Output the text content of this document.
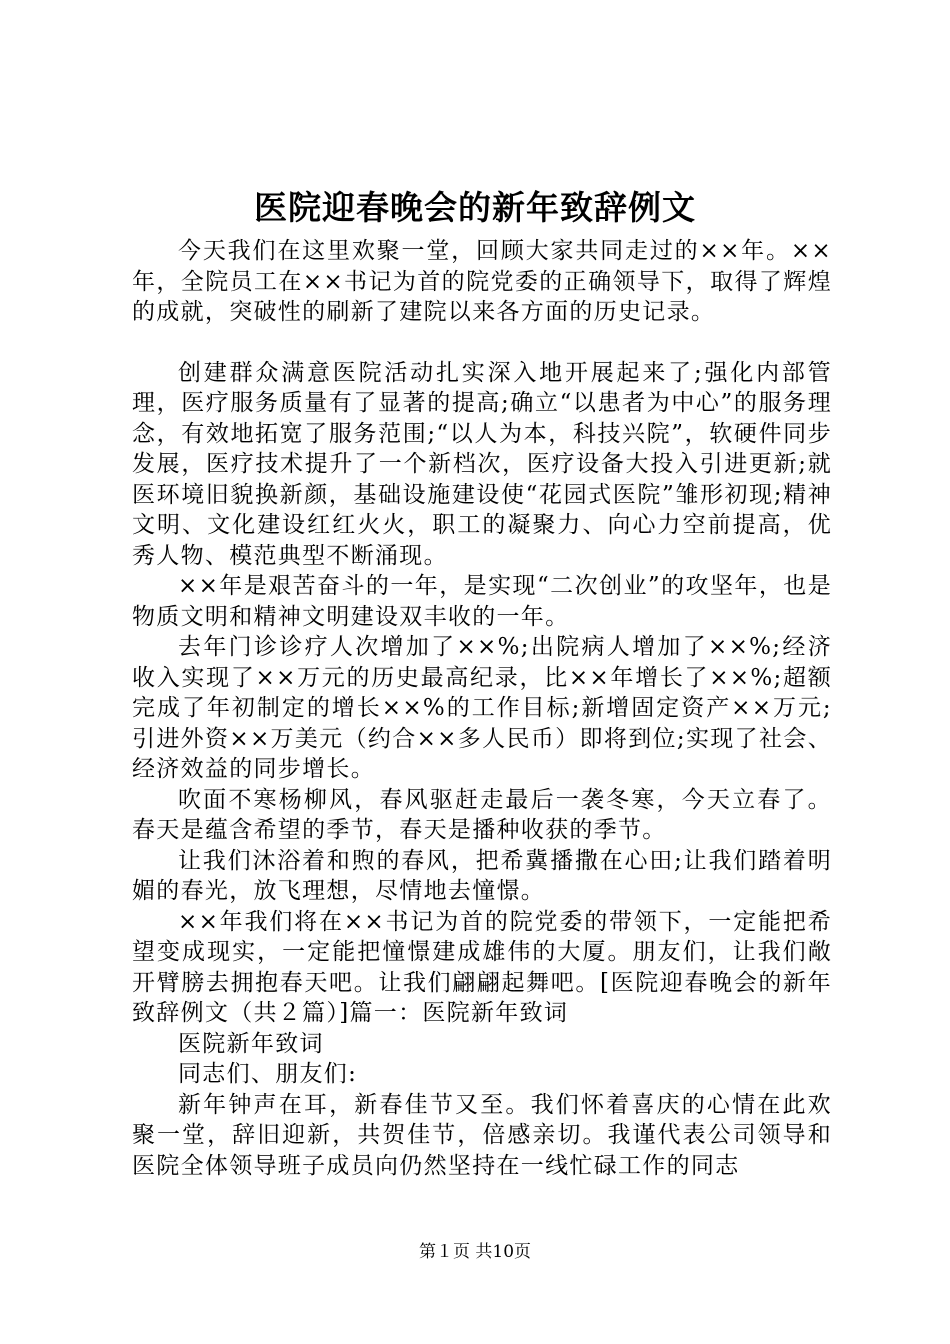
医院迎春晚会的新年致辞例文

今天我们在这里欢聚一堂，回顾大家共同走过的××年。××年，全院员工在××书记为首的院党委的正确领导下，取得了辉煌的成就，突破性的刷新了建院以来各方面的历史记录。

创建群众满意医院活动扎实深入地开展起来了;强化内部管理，医疗服务质量有了显著的提高;确立“以患者为中心”的服务理念，有效地拓宽了服务范围;“以人为本，科技兴院”，软硬件同步发展，医疗技术提升了一个新档次，医疗设备大投入引进更新;就医环境旧貌换新颜，基础设施建设使“花园式医院”雏形初现;精神文明、文化建设红红火火，职工的凝聚力、向心力空前提高，优秀人物、模范典型不断涌现。

××年是艰苦奋斗的一年，是实现“二次创业”的攻坚年，也是物质文明和精神文明建设双丰收的一年。

去年门诊诊疗人次增加了××%;出院病人增加了××%;经济收入实现了××万元的历史最高纪录，比××年增长了××%;超额完成了年初制定的增长××%的工作目标;新增固定资产××万元;引进外资××万美元（约合××多人民币）即将到位;实现了社会、经济效益的同步增长。

吹面不寒杨柳风，春风驱赶走最后一袭冬寒，今天立春了。春天是蕴含希望的季节，春天是播种收获的季节。

让我们沐浴着和煦的春风，把希冀播撒在心田;让我们踏着明媚的春光，放飞理想，尽情地去憧憬。

××年我们将在××书记为首的院党委的带领下，一定能把希望变成现实，一定能把憧憬建成雄伟的大厦。朋友们，让我们敞开臂膀去拥抱春天吧。让我们翩翩起舞吧。[医院迎春晚会的新年致辞例文（共２篇）]篇一：医院新年致词

医院新年致词

同志们、朋友们:

新年钟声在耳，新春佳节又至。我们怀着喜庆的心情在此欢聚一堂，辞旧迎新，共贺佳节，倍感亲切。我谨代表公司领导和医院全体领导班子成员向仍然坚持在一线忙碌工作的同志

第１页 共10页
